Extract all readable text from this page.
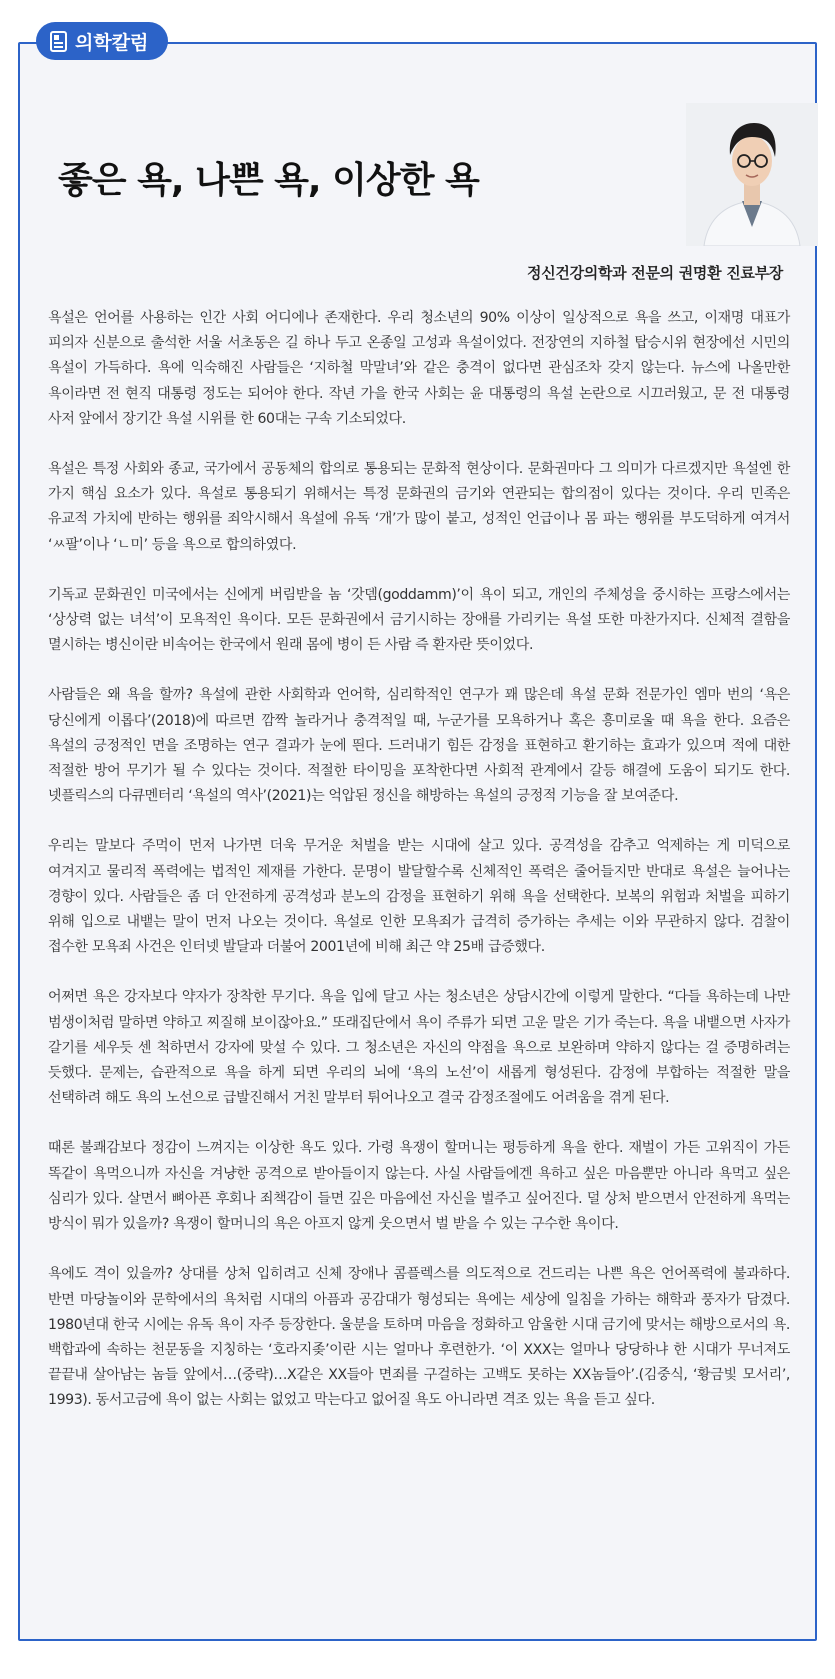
의학칼럼
좋은 욕, 나쁜 욕, 이상한 욕
정신건강의학과 전문의 권명환 진료부장

욕설은 언어를 사용하는 인간 사회 어디에나 존재한다. 우리 청소년의 90% 이상이 일상적으로 욕을 쓰고, 이재명 대표가 피의자 신분으로 출석한 서울 서초동은 길 하나 두고 온종일 고성과 욕설이었다. 전장연의 지하철 탑승시위 현장에선 시민의 욕설이 가득하다. 욕에 익숙해진 사람들은 ‘지하철 막말녀’와 같은 충격이 없다면 관심조차 갖지 않는다. 뉴스에 나올만한 욕이라면 전 현직 대통령 정도는 되어야 한다. 작년 가을 한국 사회는 윤 대통령의 욕설 논란으로 시끄러웠고, 문 전 대통령 사저 앞에서 장기간 욕설 시위를 한 60대는 구속 기소되었다.

욕설은 특정 사회와 종교, 국가에서 공동체의 합의로 통용되는 문화적 현상이다. 문화권마다 그 의미가 다르겠지만 욕설엔 한 가지 핵심 요소가 있다. 욕설로 통용되기 위해서는 특정 문화권의 금기와 연관되는 합의점이 있다는 것이다. 우리 민족은 유교적 가치에 반하는 행위를 죄악시해서 욕설에 유독 ‘개’가 많이 붙고, 성적인 언급이나 몸 파는 행위를 부도덕하게 여겨서 ‘ㅆ팔’이나 ‘ㄴ미’ 등을 욕으로 합의하였다.

기독교 문화권인 미국에서는 신에게 버림받을 놈 ‘갓뎀(goddamm)’이 욕이 되고, 개인의 주체성을 중시하는 프랑스에서는 ‘상상력 없는 녀석’이 모욕적인 욕이다. 모든 문화권에서 금기시하는 장애를 가리키는 욕설 또한 마찬가지다. 신체적 결함을 멸시하는 병신이란 비속어는 한국에서 원래 몸에 병이 든 사람 즉 환자란 뜻이었다.

사람들은 왜 욕을 할까? 욕설에 관한 사회학과 언어학, 심리학적인 연구가 꽤 많은데 욕설 문화 전문가인 엠마 번의 ‘욕은 당신에게 이롭다’(2018)에 따르면 깜짝 놀라거나 충격적일 때, 누군가를 모욕하거나 혹은 흥미로울 때 욕을 한다. 요즘은 욕설의 긍정적인 면을 조명하는 연구 결과가 눈에 띈다. 드러내기 힘든 감정을 표현하고 환기하는 효과가 있으며 적에 대한 적절한 방어 무기가 될 수 있다는 것이다. 적절한 타이밍을 포착한다면 사회적 관계에서 갈등 해결에 도움이 되기도 한다. 넷플릭스의 다큐멘터리 ‘욕설의 역사’(2021)는 억압된 정신을 해방하는 욕설의 긍정적 기능을 잘 보여준다.

우리는 말보다 주먹이 먼저 나가면 더욱 무거운 처벌을 받는 시대에 살고 있다. 공격성을 감추고 억제하는 게 미덕으로 여겨지고 물리적 폭력에는 법적인 제재를 가한다. 문명이 발달할수록 신체적인 폭력은 줄어들지만 반대로 욕설은 늘어나는 경향이 있다. 사람들은 좀 더 안전하게 공격성과 분노의 감정을 표현하기 위해 욕을 선택한다. 보복의 위험과 처벌을 피하기 위해 입으로 내뱉는 말이 먼저 나오는 것이다. 욕설로 인한 모욕죄가 급격히 증가하는 추세는 이와 무관하지 않다. 검찰이 접수한 모욕죄 사건은 인터넷 발달과 더불어 2001년에 비해 최근 약 25배 급증했다.

어쩌면 욕은 강자보다 약자가 장착한 무기다. 욕을 입에 달고 사는 청소년은 상담시간에 이렇게 말한다. “다들 욕하는데 나만 범생이처럼 말하면 약하고 찌질해 보이잖아요.” 또래집단에서 욕이 주류가 되면 고운 말은 기가 죽는다. 욕을 내뱉으면 사자가 갈기를 세우듯 센 척하면서 강자에 맞설 수 있다. 그 청소년은 자신의 약점을 욕으로 보완하며 약하지 않다는 걸 증명하려는 듯했다. 문제는, 습관적으로 욕을 하게 되면 우리의 뇌에 ‘욕의 노선’이 새롭게 형성된다. 감정에 부합하는 적절한 말을 선택하려 해도 욕의 노선으로 급발진해서 거친 말부터 튀어나오고 결국 감정조절에도 어려움을 겪게 된다.

때론 불쾌감보다 정감이 느껴지는 이상한 욕도 있다. 가령 욕쟁이 할머니는 평등하게 욕을 한다. 재벌이 가든 고위직이 가든 똑같이 욕먹으니까 자신을 겨냥한 공격으로 받아들이지 않는다. 사실 사람들에겐 욕하고 싶은 마음뿐만 아니라 욕먹고 싶은 심리가 있다. 살면서 뼈아픈 후회나 죄책감이 들면 깊은 마음에선 자신을 벌주고 싶어진다. 덜 상처 받으면서 안전하게 욕먹는 방식이 뭐가 있을까? 욕쟁이 할머니의 욕은 아프지 않게 웃으면서 벌 받을 수 있는 구수한 욕이다.

욕에도 격이 있을까? 상대를 상처 입히려고 신체 장애나 콤플렉스를 의도적으로 건드리는 나쁜 욕은 언어폭력에 불과하다. 반면 마당놀이와 문학에서의 욕처럼 시대의 아픔과 공감대가 형성되는 욕에는 세상에 일침을 가하는 해학과 풍자가 담겼다. 1980년대 한국 시에는 유독 욕이 자주 등장한다. 울분을 토하며 마음을 정화하고 암울한 시대 금기에 맞서는 해방으로서의 욕. 백합과에 속하는 천문동을 지칭하는 ‘호라지좆’이란 시는 얼마나 후련한가. ‘이 XXX는 얼마나 당당하냐 한 시대가 무너져도 끝끝내 살아남는 놈들 앞에서…(중략)…X같은 XX들아 면죄를 구걸하는 고백도 못하는 XX놈들아’.(김중식, ‘황금빛 모서리’, 1993). 동서고금에 욕이 없는 사회는 없었고 막는다고 없어질 욕도 아니라면 격조 있는 욕을 듣고 싶다.
